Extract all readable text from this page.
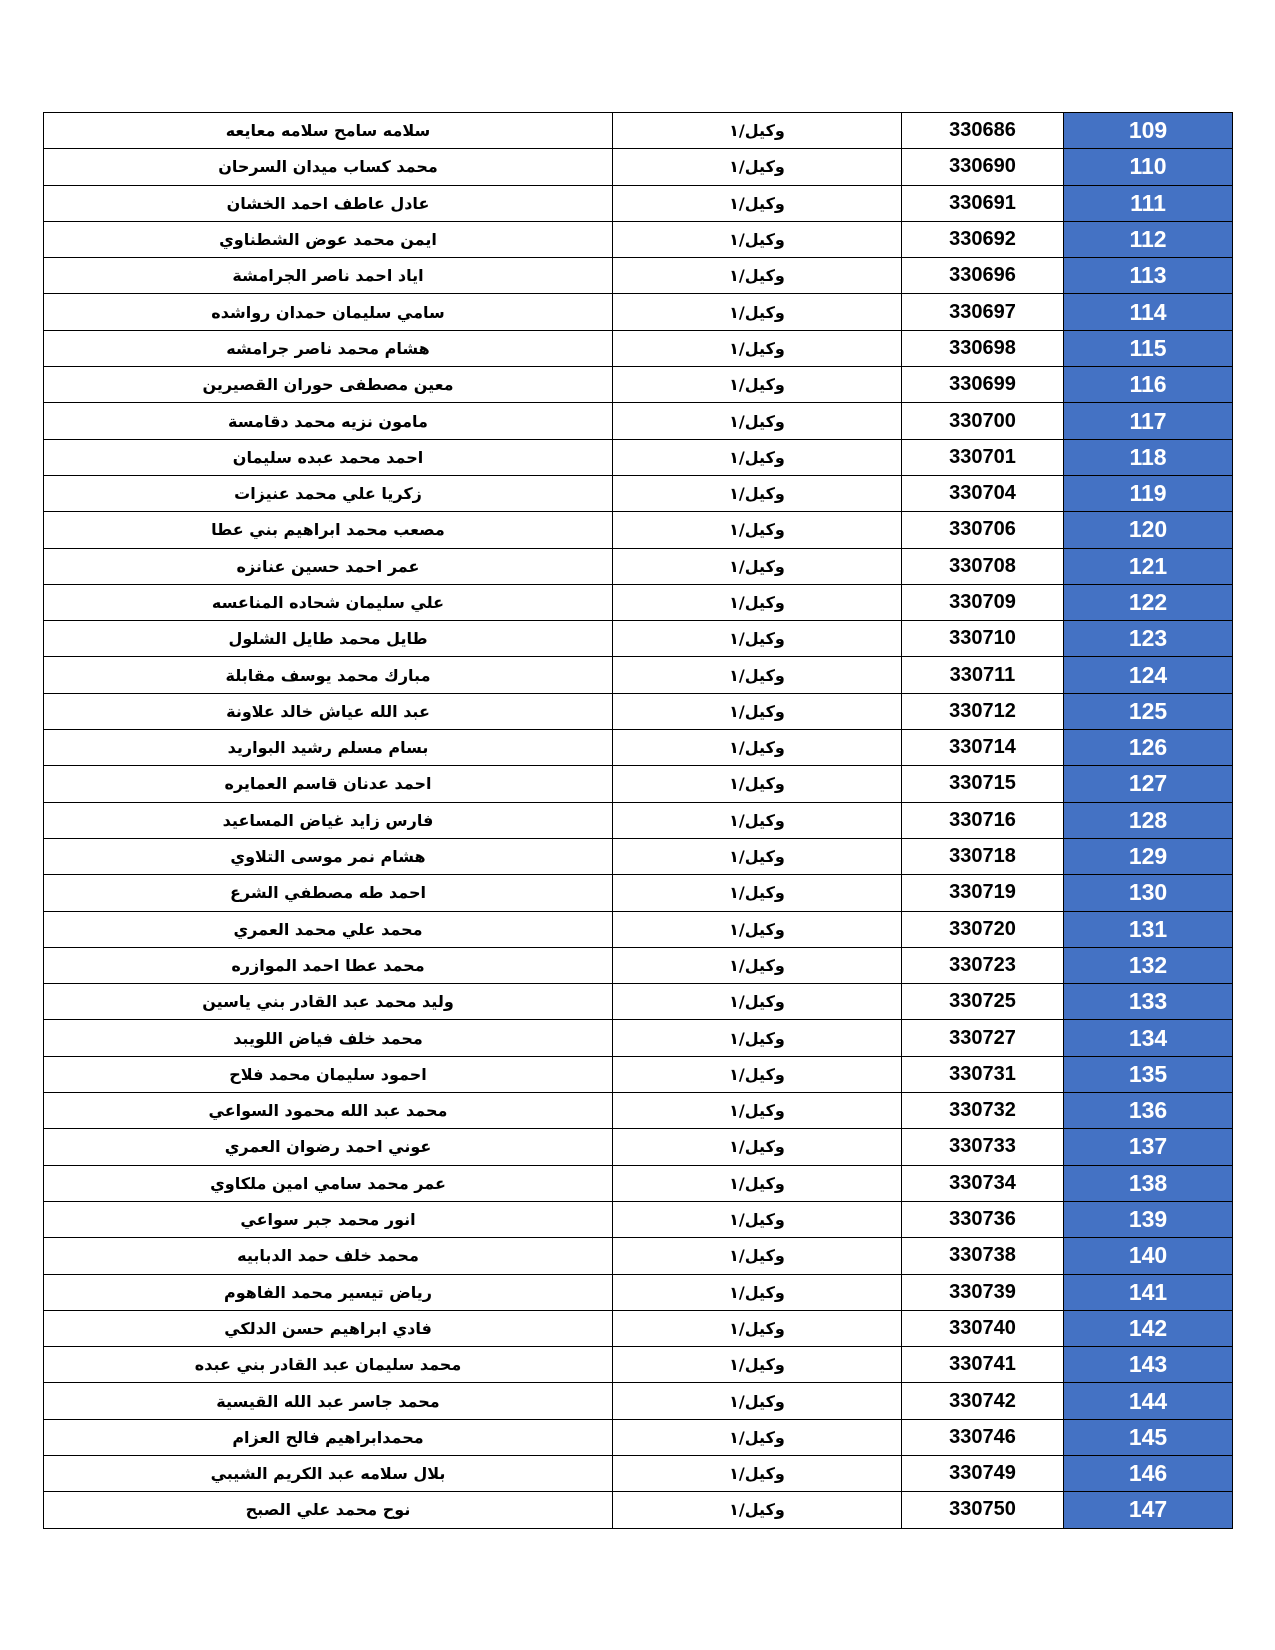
سلامه سامح سلامه معايعه	وكيل/١	330686	109
محمد كساب ميدان السرحان	وكيل/١	330690	110
عادل عاطف احمد الخشان	وكيل/١	330691	111
ايمن محمد عوض الشطناوي	وكيل/١	330692	112
اياد احمد ناصر الجرامشة	وكيل/١	330696	113
سامي سليمان حمدان رواشده	وكيل/١	330697	114
هشام محمد ناصر جرامشه	وكيل/١	330698	115
معين مصطفى حوران القصيرين	وكيل/١	330699	116
مامون نزيه محمد دقامسة	وكيل/١	330700	117
احمد محمد عبده سليمان	وكيل/١	330701	118
زكريا علي محمد عنيزات	وكيل/١	330704	119
مصعب محمد ابراهيم بني عطا	وكيل/١	330706	120
عمر احمد حسين عنانزه	وكيل/١	330708	121
علي سليمان شحاده المناعسه	وكيل/١	330709	122
طايل محمد طايل الشلول	وكيل/١	330710	123
مبارك محمد يوسف مقابلة	وكيل/١	330711	124
عبد الله عياش خالد علاونة	وكيل/١	330712	125
بسام مسلم رشيد البواريد	وكيل/١	330714	126
احمد عدنان قاسم العمايره	وكيل/١	330715	127
فارس زايد غياض المساعيد	وكيل/١	330716	128
هشام نمر موسى التلاوي	وكيل/١	330718	129
احمد طه مصطفي الشرع	وكيل/١	330719	130
محمد علي محمد العمري	وكيل/١	330720	131
محمد عطا احمد الموازره	وكيل/١	330723	132
وليد محمد عبد القادر بني ياسين	وكيل/١	330725	133
محمد خلف فياض اللويبد	وكيل/١	330727	134
احمود سليمان محمد فلاح	وكيل/١	330731	135
محمد عبد الله محمود السواعي	وكيل/١	330732	136
عوني احمد رضوان العمري	وكيل/١	330733	137
عمر محمد سامي امين ملكاوي	وكيل/١	330734	138
انور محمد جبر سواعي	وكيل/١	330736	139
محمد خلف حمد الدبابيه	وكيل/١	330738	140
رياض تيسير محمد الفاهوم	وكيل/١	330739	141
فادي ابراهيم حسن الدلكي	وكيل/١	330740	142
محمد سليمان عبد القادر بني عبده	وكيل/١	330741	143
محمد جاسر عبد الله القيسية	وكيل/١	330742	144
محمدابراهيم فالح العزام	وكيل/١	330746	145
بلال سلامه عبد الكريم الشيبي	وكيل/١	330749	146
نوح محمد علي الصبح	وكيل/١	330750	147
